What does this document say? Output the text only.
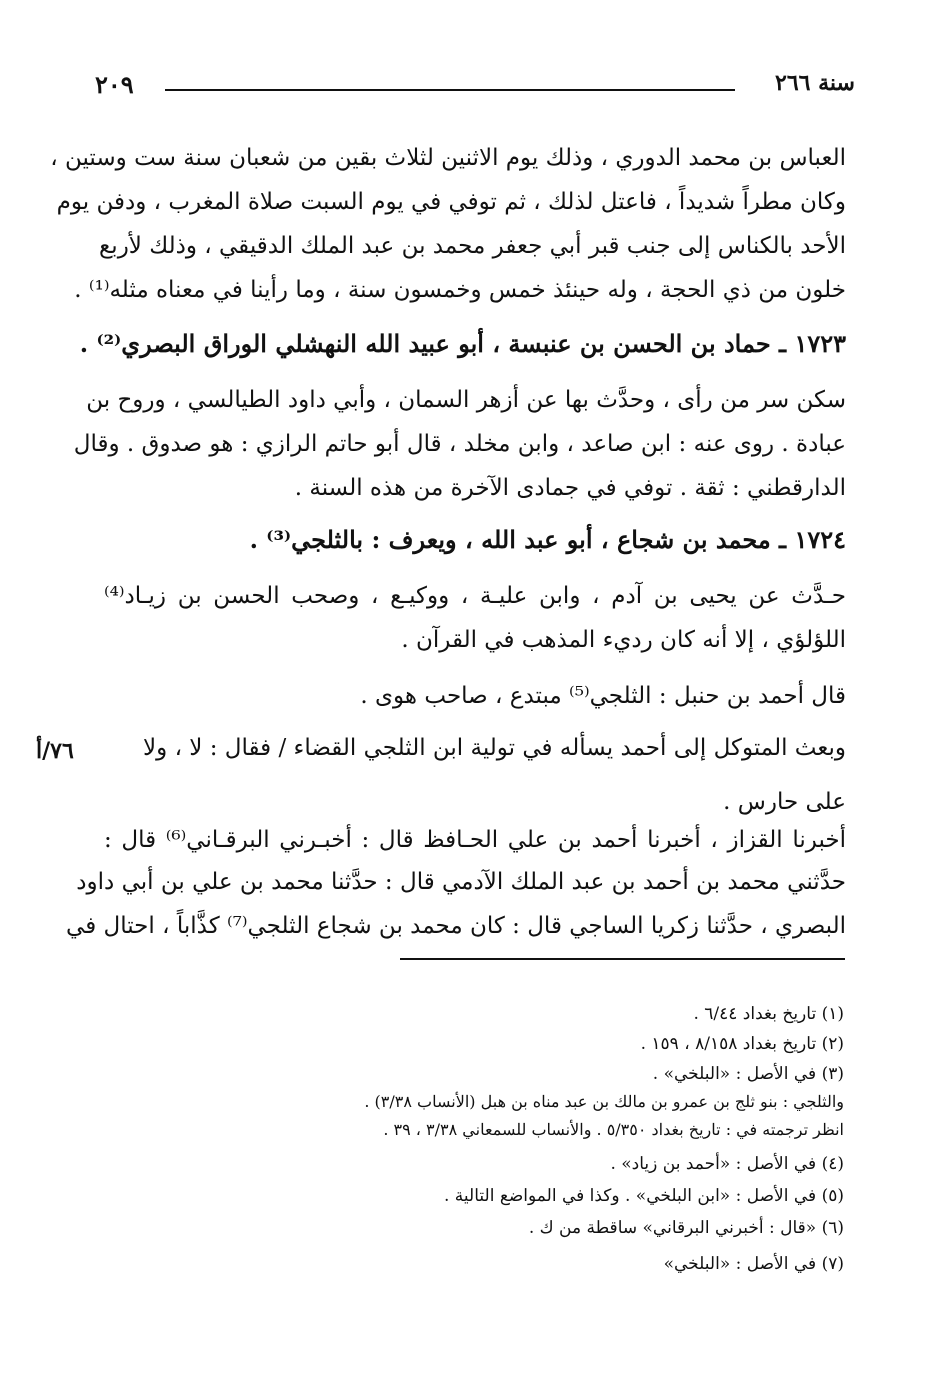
سنة ٢٦٦
٢٠٩
العباس بن محمد الدوري ، وذلك يوم الاثنين لثلاث بقين من شعبان سنة ست وستين ،
وكان مطراً شديداً ، فاعتل لذلك ، ثم توفي في يوم السبت صلاة المغرب ، ودفن يوم
الأحد بالكناس إلى جنب قبر أبي جعفر محمد بن عبد الملك الدقيقي ، وذلك لأربع
خلون من ذي الحجة ، وله حينئذ خمس وخمسون سنة ، وما رأينا في معناه مثله⁽¹⁾ .
١٧٢٣ ـ حماد بن الحسن بن عنبسة ، أبو عبيد الله النهشلي الوراق البصري⁽²⁾ .
سكن سر من رأى ، وحدَّث بها عن أزهر السمان ، وأبي داود الطيالسي ، وروح بن
عبادة . روى عنه : ابن صاعد ، وابن مخلد ، قال أبو حاتم الرازي : هو صدوق . وقال
الدارقطني : ثقة . توفي في جمادى الآخرة من هذه السنة .
١٧٢٤ ـ محمد بن شجاع ، أبو عبد الله ، ويعرف : بالثلجي⁽³⁾ .
حـدَّث عن يحيى بن آدم ، وابن عليـة ، ووكيـع ، وصحب الحسن بن زيـاد⁽⁴⁾
اللؤلؤي ، إلا أنه كان رديء المذهب في القرآن .
قال أحمد بن حنبل : الثلجي⁽⁵⁾ مبتدع ، صاحب هوى .
وبعث المتوكل إلى أحمد يسأله في تولية ابن الثلجي القضاء / فقال : لا ، ولا
على حارس .
أخبرنا القزاز ، أخبرنا أحمد بن علي الحـافظ قال : أخبـرني البرقـاني⁽⁶⁾ قال :
حدَّثني محمد بن أحمد بن عبد الملك الآدمي قال : حدَّثنا محمد بن علي بن أبي داود
البصري ، حدَّثنا زكريا الساجي قال : كان محمد بن شجاع الثلجي⁽⁷⁾ كذَّاباً ، احتال في
٧٦/أ
(١) تاريخ بغداد ٦/٤٤ .
(٢) تاريخ بغداد ٨/١٥٨ ، ١٥٩ .
(٣) في الأصل : «البلخي» .
والثلجي : بنو ثلج بن عمرو بن مالك بن عبد مناه بن هبل (الأنساب ٣/٣٨) .
انظر ترجمته في : تاريخ بغداد ٥/٣٥٠ . والأنساب للسمعاني ٣/٣٨ ، ٣٩ .
(٤) في الأصل : «أحمد بن زياد» .
(٥) في الأصل : «ابن البلخي» . وكذا في المواضع التالية .
(٦) «قال : أخبرني البرقاني» ساقطة من ك .
(٧) في الأصل : «البلخي»
